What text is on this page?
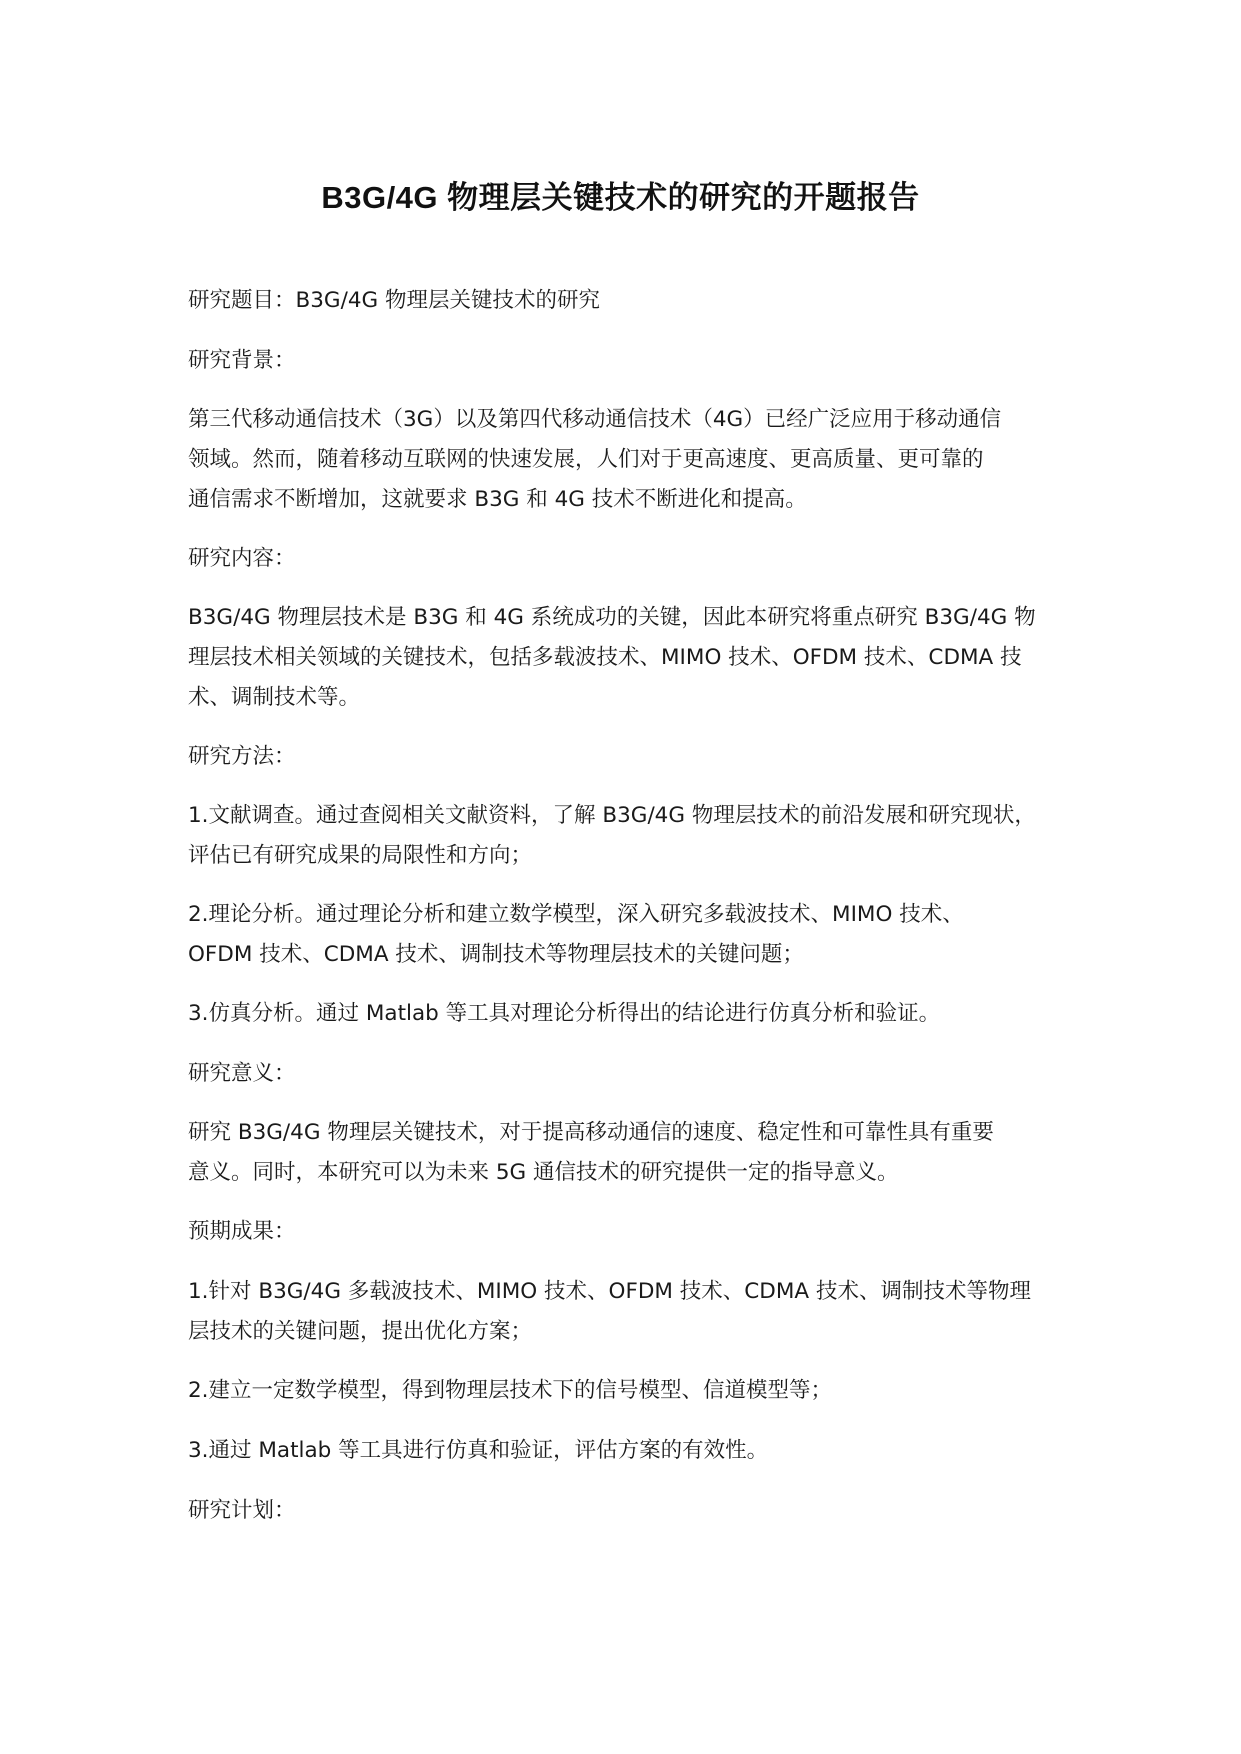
B3G/4G 物理层关键技术的研究的开题报告

研究题目：B3G/4G 物理层关键技术的研究

研究背景：

第三代移动通信技术（3G）以及第四代移动通信技术（4G）已经广泛应用于移动通信
领域。然而，随着移动互联网的快速发展，人们对于更高速度、更高质量、更可靠的
通信需求不断增加，这就要求 B3G 和 4G 技术不断进化和提高。

研究内容：

B3G/4G 物理层技术是 B3G 和 4G 系统成功的关键，因此本研究将重点研究 B3G/4G 物
理层技术相关领域的关键技术，包括多载波技术、MIMO 技术、OFDM 技术、CDMA 技
术、调制技术等。

研究方法：

1.文献调查。通过查阅相关文献资料，了解 B3G/4G 物理层技术的前沿发展和研究现状，
评估已有研究成果的局限性和方向；

2.理论分析。通过理论分析和建立数学模型，深入研究多载波技术、MIMO 技术、
OFDM 技术、CDMA 技术、调制技术等物理层技术的关键问题；

3.仿真分析。通过 Matlab 等工具对理论分析得出的结论进行仿真分析和验证。

研究意义：

研究 B3G/4G 物理层关键技术，对于提高移动通信的速度、稳定性和可靠性具有重要
意义。同时，本研究可以为未来 5G 通信技术的研究提供一定的指导意义。

预期成果：

1.针对 B3G/4G 多载波技术、MIMO 技术、OFDM 技术、CDMA 技术、调制技术等物理
层技术的关键问题，提出优化方案；

2.建立一定数学模型，得到物理层技术下的信号模型、信道模型等；

3.通过 Matlab 等工具进行仿真和验证，评估方案的有效性。

研究计划：
